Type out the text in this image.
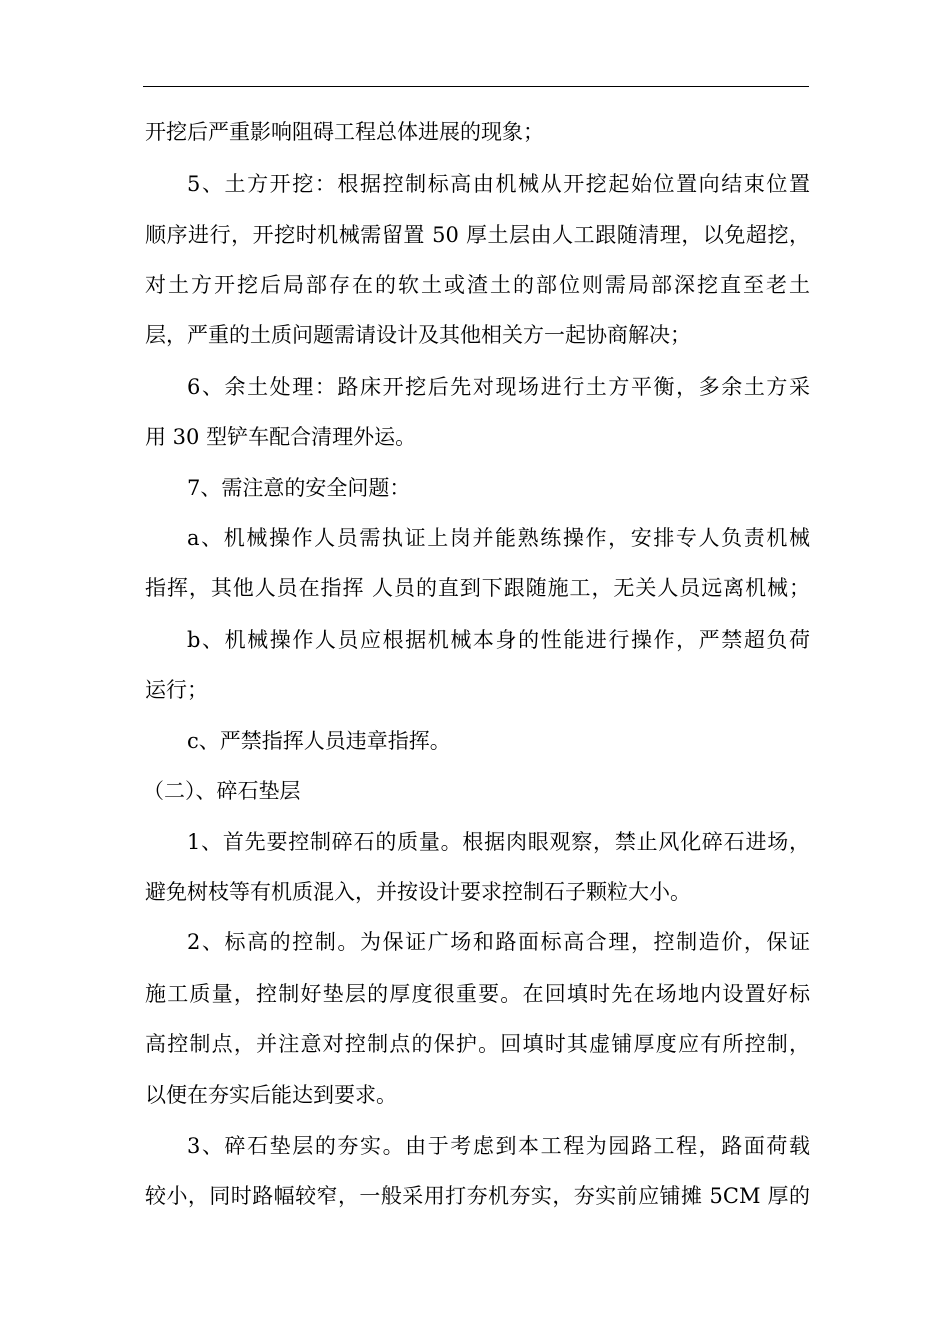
开挖后严重影响阻碍工程总体进展的现象；
5、土方开挖：根据控制标高由机械从开挖起始位置向结束位置
顺序进行，开挖时机械需留置 50 厚土层由人工跟随清理，以免超挖，
对土方开挖后局部存在的软土或渣土的部位则需局部深挖直至老土
层，严重的土质问题需请设计及其他相关方一起协商解决；
6、余土处理：路床开挖后先对现场进行土方平衡，多余土方采
用 30 型铲车配合清理外运。
7、需注意的安全问题：
a、机械操作人员需执证上岗并能熟练操作，安排专人负责机械
指挥，其他人员在指挥 人员的直到下跟随施工，无关人员远离机械；
b、机械操作人员应根据机械本身的性能进行操作，严禁超负荷
运行；
c、严禁指挥人员违章指挥。
（二）、碎石垫层
1、首先要控制碎石的质量。根据肉眼观察，禁止风化碎石进场，
避免树枝等有机质混入，并按设计要求控制石子颗粒大小。
2、标高的控制。为保证广场和路面标高合理，控制造价，保证
施工质量，控制好垫层的厚度很重要。在回填时先在场地内设置好标
高控制点，并注意对控制点的保护。回填时其虚铺厚度应有所控制，
以便在夯实后能达到要求。
3、碎石垫层的夯实。由于考虑到本工程为园路工程，路面荷载
较小，同时路幅较窄，一般采用打夯机夯实，夯实前应铺摊 5CM 厚的
